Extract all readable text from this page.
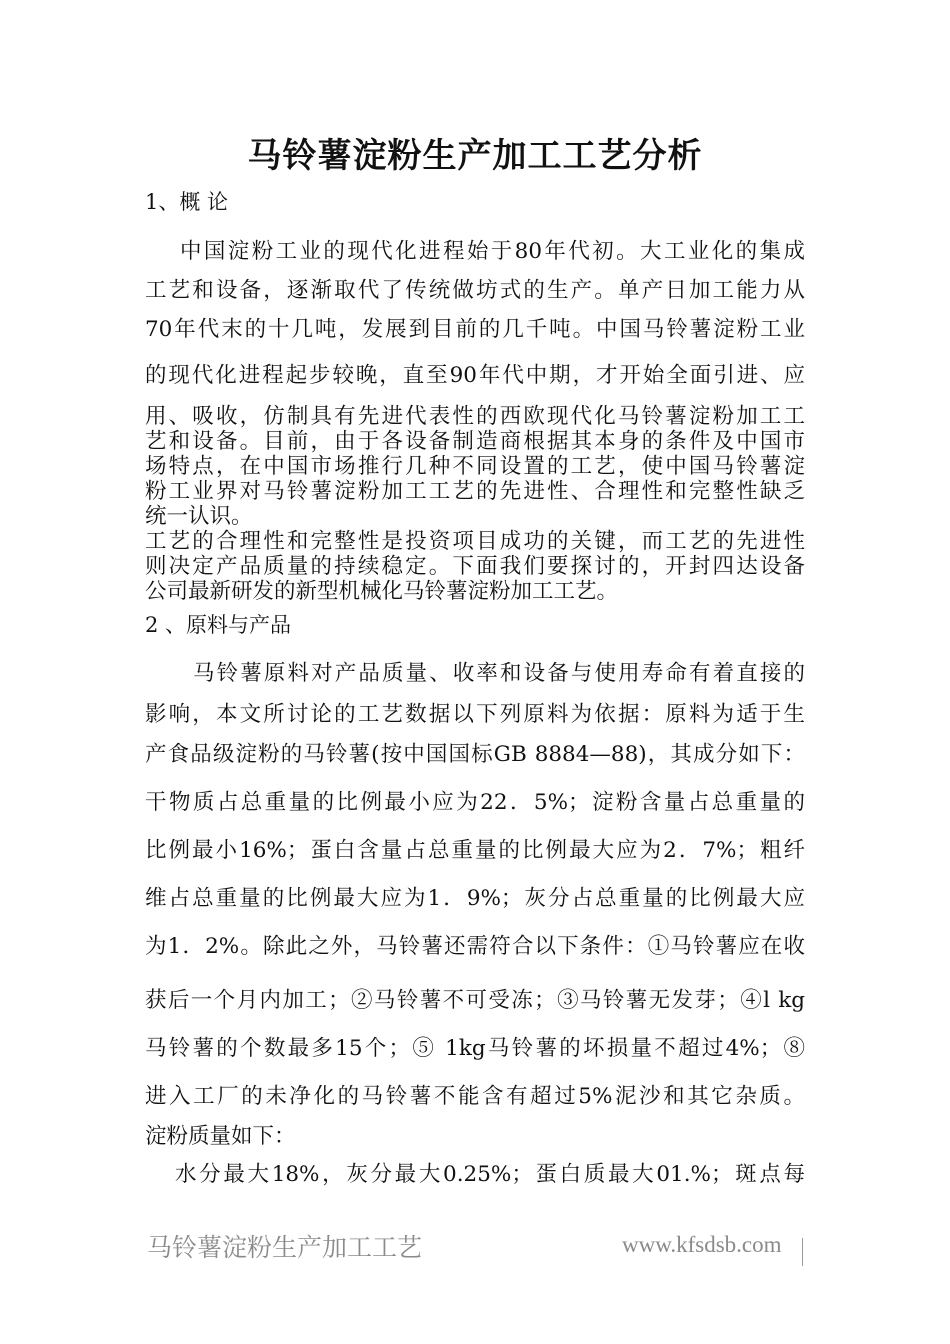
马铃薯淀粉生产加工工艺分析

1、概 论

中国淀粉工业的现代化进程始于80年代初。大工业化的集成

工艺和设备，逐渐取代了传统做坊式的生产。单产日加工能力从

70年代末的十几吨，发展到目前的几千吨。中国马铃薯淀粉工业

的现代化进程起步较晚，直至90年代中期，才开始全面引进、应

用、吸收，仿制具有先进代表性的西欧现代化马铃薯淀粉加工工

艺和设备。目前，由于各设备制造商根据其本身的条件及中国市

场特点，在中国市场推行几种不同设置的工艺，使中国马铃薯淀

粉工业界对马铃薯淀粉加工工艺的先进性、合理性和完整性缺乏

统一认识。

工艺的合理性和完整性是投资项目成功的关键，而工艺的先进性

则决定产品质量的持续稳定。下面我们要探讨的，开封四达设备

公司最新研发的新型机械化马铃薯淀粉加工工艺。

2 、原料与产品

马铃薯原料对产品质量、收率和设备与使用寿命有着直接的

影响，本文所讨论的工艺数据以下列原料为依据：原料为适于生

产食品级淀粉的马铃薯(按中国国标GB 8884—88)，其成分如下：

干物质占总重量的比例最小应为22．5%；淀粉含量占总重量的

比例最小16%；蛋白含量占总重量的比例最大应为2．7%；粗纤

维占总重量的比例最大应为1．9%；灰分占总重量的比例最大应

为1．2%。除此之外，马铃薯还需符合以下条件：①马铃薯应在收

获后一个月内加工；②马铃薯不可受冻；③马铃薯无发芽；④l kg

马铃薯的个数最多15个；⑤ 1kg马铃薯的坏损量不超过4%；⑧

进入工厂的未净化的马铃薯不能含有超过5%泥沙和其它杂质。

淀粉质量如下：

水分最大18%，灰分最大0.25%；蛋白质最大01.%；斑点每

马铃薯淀粉生产加工工艺	www.kfsdsb.com
